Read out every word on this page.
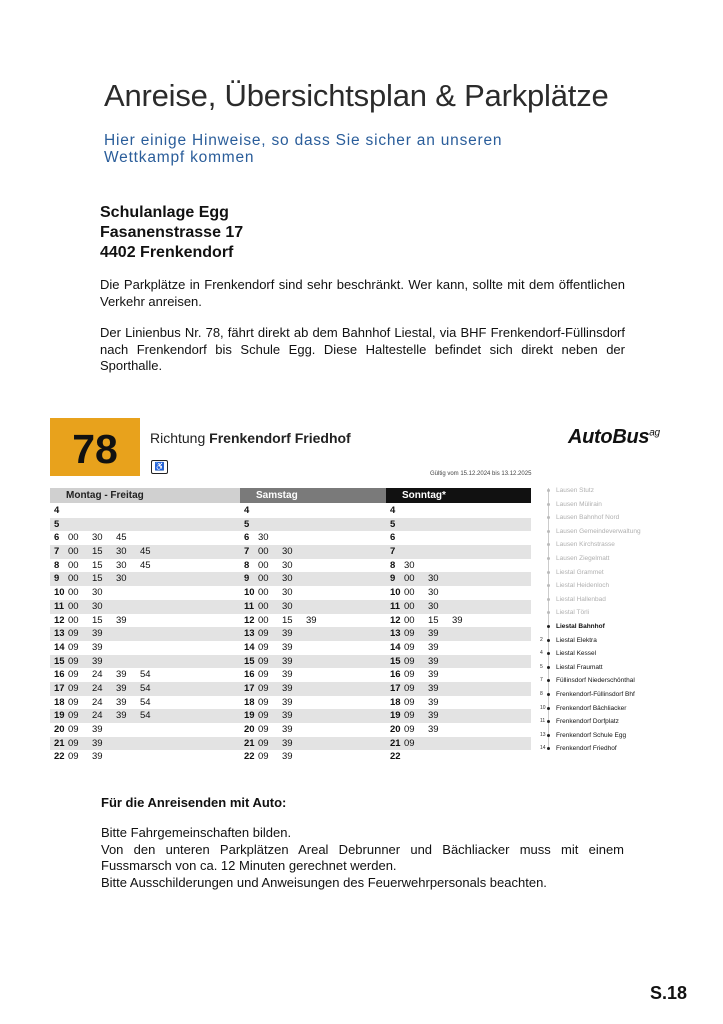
Anreise, Übersichtsplan & Parkplätze
Hier einige Hinweise, so dass Sie sicher an unseren Wettkampf kommen
Schulanlage Egg
Fasanenstrasse 17
4402 Frenkendorf

Die Parkplätze in Frenkendorf sind sehr beschränkt. Wer kann, sollte mit dem öffentlichen Verkehr anreisen.

Der Linienbus Nr. 78, fährt direkt ab dem Bahnhof Liestal, via BHF Frenkendorf-Füllinsdorf nach Frenkendorf bis Schule Egg. Diese Haltestelle befindet sich direkt neben der Sporthalle.

78	Richtung Frenkendorf Friedhof
♿
AutoBus$^{ag}$
Gültig vom 15.12.2024 bis 13.12.2025
Montag - Freitag	Samstag	Sonntag*
4	4	4
5	5	5
6 00 30 45	6 30	6
7 00 15 30 45	7 00 30	7
8 00 15 30 45	8 00 30	8 30
9 00 15 30	9 00 30	9 00 30
10 00 30	10 00 30	10 00 30
11 00 30	11 00 30	11 00 30
12 00 15 39	12 00 15 39	12 00 15 39
13 09 39	13 09 39	13 09 39
14 09 39	14 09 39	14 09 39
15 09 39	15 09 39	15 09 39
16 09 24 39 54	16 09 39	16 09 39
17 09 24 39 54	17 09 39	17 09 39
18 09 24 39 54	18 09 39	18 09 39
19 09 24 39 54	19 09 39	19 09 39
20 09 39	20 09 39	20 09 39
21 09 39	21 09 39	21 09
22 09 39	22 09 39	22
Lausen Stutz
Lausen Mülirain
Lausen Bahnhof Nord
Lausen Gemeindeverwaltung
Lausen Kirchstrasse
Lausen Ziegelmatt
Liestal Grammet
Liestal Heidenloch
Liestal Hallenbad
Liestal Törli
Liestal Bahnhof
2 Liestal Elektra
4 Liestal Kessel
5 Liestal Fraumatt
7 Füllinsdorf Niederschönthal
8 Frenkendorf-Füllinsdorf Bhf
10 Frenkendorf Bächliacker
11 Frenkendorf Dorfplatz
13 Frenkendorf Schule Egg
14 Frenkendorf Friedhof
Für die Anreisenden mit Auto:
Bitte Fahrgemeinschaften bilden.
Von den unteren Parkplätzen Areal Debrunner und Bächliacker muss mit einem Fussmarsch von ca. 12 Minuten gerechnet werden.
Bitte Ausschilderungen und Anweisungen des Feuerwehrpersonals beachten.
S.18
